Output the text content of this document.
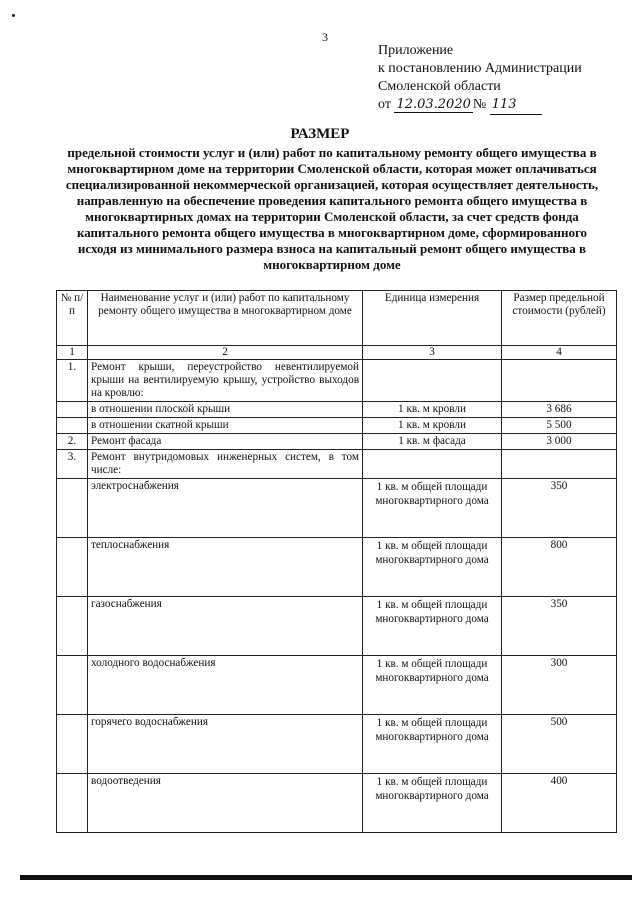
3
Приложение
к постановлению Администрации
Смоленской области
от 12.03.2020 № 113
РАЗМЕР
предельной стоимости услуг и (или) работ по капитальному ремонту общего имущества в многоквартирном доме на территории Смоленской области, которая может оплачиваться специализированной некоммерческой организацией, которая осуществляет деятельность, направленную на обеспечение проведения капитального ремонта общего имущества в многоквартирных домах на территории Смоленской области, за счет средств фонда капитального ремонта общего имущества в многоквартирном доме, сформированного исходя из минимального размера взноса на капитальный ремонт общего имущества в многоквартирном доме
№ п/п	Наименование услуг и (или) работ по капитальному ремонту общего имущества в многоквартирном доме	Единица измерения	Размер предельной стоимости (рублей)
1	2	3	4
1.	Ремонт крыши, переустройство невентилируемой крыши на вентилируемую крышу, устройство выходов на кровлю:		
	в отношении плоской крыши	1 кв. м кровли	3 686
	в отношении скатной крыши	1 кв. м кровли	5 500
2.	Ремонт фасада	1 кв. м фасада	3 000
3.	Ремонт внутридомовых инженерных систем, в том числе:		
	электроснабжения	1 кв. м общей площади многоквартирного дома	350
	теплоснабжения	1 кв. м общей площади многоквартирного дома	800
	газоснабжения	1 кв. м общей площади многоквартирного дома	350
	холодного водоснабжения	1 кв. м общей площади многоквартирного дома	300
	горячего водоснабжения	1 кв. м общей площади многоквартирного дома	500
	водоотведения	1 кв. м общей площади многоквартирного дома	400
